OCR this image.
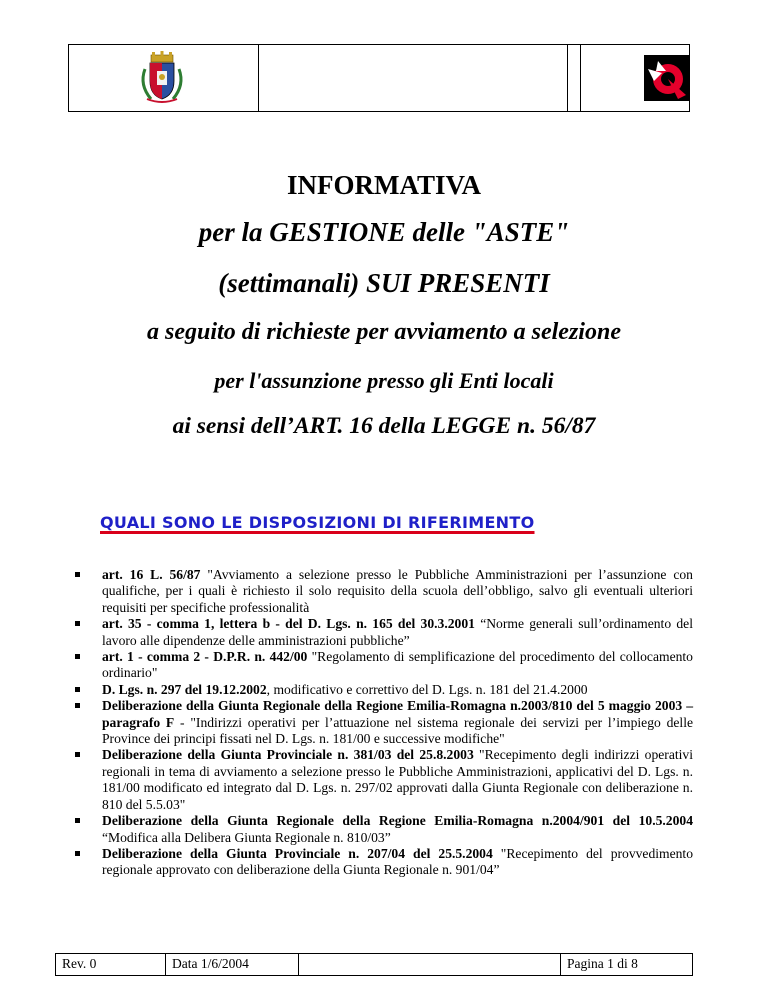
INFORMATIVA
per la GESTIONE delle "ASTE"
(settimanali) SUI PRESENTI
a seguito di richieste per avviamento a selezione
per l'assunzione presso gli Enti locali
ai sensi dell’ART. 16 della LEGGE n. 56/87
QUALI SONO LE DISPOSIZIONI DI RIFERIMENTO
art. 16 L. 56/87 "Avviamento a selezione presso le Pubbliche Amministrazioni per l’assunzione con qualifiche, per i quali è richiesto il solo requisito della scuola dell’obbligo, salvo gli eventuali ulteriori requisiti per specifiche professionalità
art. 35 - comma 1, lettera b - del D. Lgs. n. 165 del 30.3.2001 “Norme generali sull’ordinamento del lavoro alle dipendenze delle amministrazioni pubbliche”
art. 1 - comma 2 - D.P.R. n. 442/00 "Regolamento di semplificazione del procedimento del collocamento ordinario"
D. Lgs. n. 297 del 19.12.2002, modificativo e correttivo del D. Lgs. n. 181 del 21.4.2000
Deliberazione della Giunta Regionale della Regione Emilia-Romagna n.2003/810 del 5 maggio 2003 – paragrafo F - "Indirizzi operativi per l’attuazione nel sistema regionale dei servizi per l’impiego delle Province dei principi fissati nel D. Lgs. n. 181/00 e successive modifiche"
Deliberazione della Giunta Provinciale n. 381/03 del 25.8.2003 "Recepimento degli indirizzi operativi regionali in tema di avviamento a selezione presso le Pubbliche Amministrazioni, applicativi del D. Lgs. n. 181/00 modificato ed integrato dal D. Lgs. n. 297/02 approvati dalla Giunta Regionale con deliberazione n. 810 del 5.5.03"
Deliberazione della Giunta Regionale della Regione Emilia-Romagna n.2004/901 del 10.5.2004 “Modifica alla Delibera Giunta Regionale n. 810/03”
Deliberazione della Giunta Provinciale n. 207/04 del 25.5.2004 "Recepimento del provvedimento regionale approvato con deliberazione della Giunta Regionale n. 901/04”
Rev. 0	Data 1/6/2004	Pagina 1 di 8
